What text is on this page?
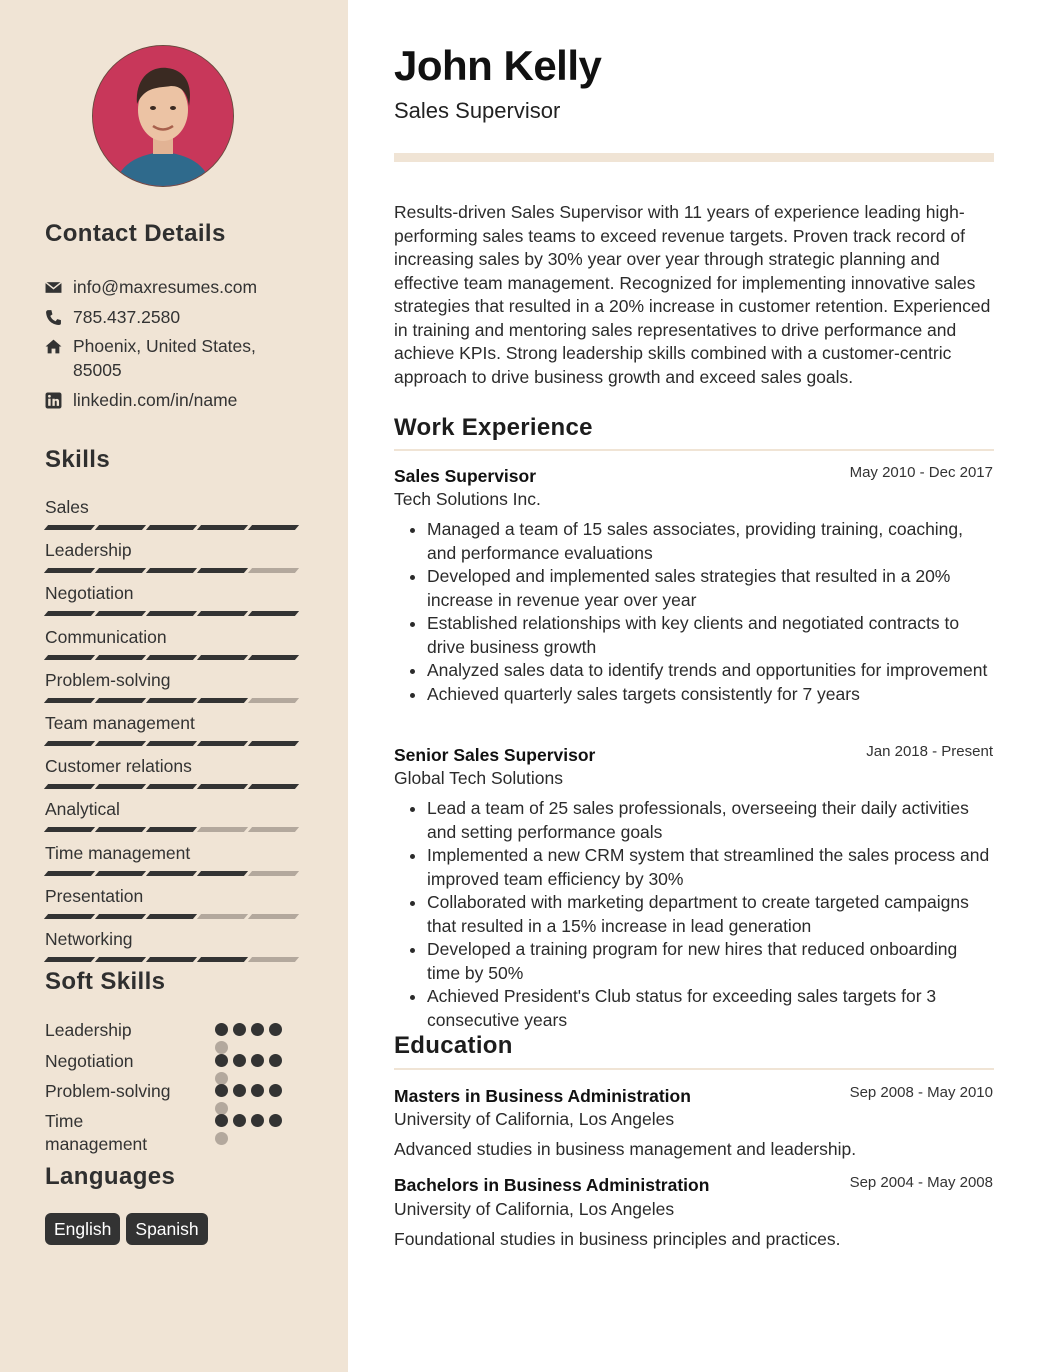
Contact Details
info@maxresumes.com
785.437.2580
Phoenix, United States,
85005
linkedin.com/in/name
Skills
Sales
Leadership
Negotiation
Communication
Problem-solving
Team management
Customer relations
Analytical
Time management
Presentation
Networking
Soft Skills
Leadership
Negotiation
Problem-solving
Time
management
Languages
English	Spanish
John Kelly
Sales Supervisor

Results-driven Sales Supervisor with 11 years of experience leading high-performing sales teams to exceed revenue targets. Proven track record of increasing sales by 30% year over year through strategic planning and effective team management. Recognized for implementing innovative sales strategies that resulted in a 20% increase in customer retention. Experienced in training and mentoring sales representatives to drive performance and achieve KPIs. Strong leadership skills combined with a customer-centric approach to drive business growth and exceed sales goals.

Work Experience
Sales Supervisor	May 2010 - Dec 2017
Tech Solutions Inc.
• Managed a team of 15 sales associates, providing training, coaching, and performance evaluations
• Developed and implemented sales strategies that resulted in a 20% increase in revenue year over year
• Established relationships with key clients and negotiated contracts to drive business growth
• Analyzed sales data to identify trends and opportunities for improvement
• Achieved quarterly sales targets consistently for 7 years
Senior Sales Supervisor	Jan 2018 - Present
Global Tech Solutions
• Lead a team of 25 sales professionals, overseeing their daily activities and setting performance goals
• Implemented a new CRM system that streamlined the sales process and improved team efficiency by 30%
• Collaborated with marketing department to create targeted campaigns that resulted in a 15% increase in lead generation
• Developed a training program for new hires that reduced onboarding time by 50%
• Achieved President's Club status for exceeding sales targets for 3 consecutive years
Education
Masters in Business Administration	Sep 2008 - May 2010
University of California, Los Angeles
Advanced studies in business management and leadership.
Bachelors in Business Administration	Sep 2004 - May 2008
University of California, Los Angeles
Foundational studies in business principles and practices.
